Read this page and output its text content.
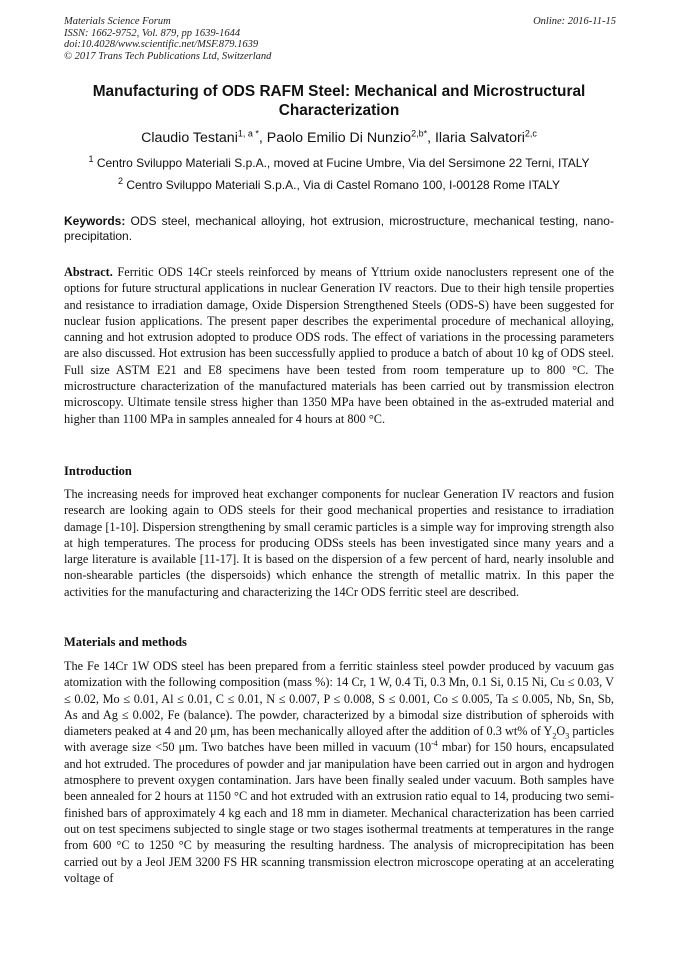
Materials Science Forum
ISSN: 1662-9752, Vol. 879, pp 1639-1644
doi:10.4028/www.scientific.net/MSF.879.1639
© 2017 Trans Tech Publications Ltd, Switzerland
Online: 2016-11-15
Manufacturing of ODS RAFM Steel: Mechanical and Microstructural Characterization
Claudio Testani$^{1, a *}$, Paolo Emilio Di Nunzio$^{2,b*}$, Ilaria Salvatori$^{2,c}$
$^1$ Centro Sviluppo Materiali S.p.A., moved at Fucine Umbre, Via del Sersimone 22 Terni, ITALY
$^2$ Centro Sviluppo Materiali S.p.A., Via di Castel Romano 100, I-00128 Rome ITALY

Keywords: ODS steel, mechanical alloying, hot extrusion, microstructure, mechanical testing, nano-precipitation.

Abstract. Ferritic ODS 14Cr steels reinforced by means of Yttrium oxide nanoclusters represent one of the options for future structural applications in nuclear Generation IV reactors. Due to their high tensile properties and resistance to irradiation damage, Oxide Dispersion Strengthened Steels (ODS-S) have been suggested for nuclear fusion applications. The present paper describes the experimental procedure of mechanical alloying, canning and hot extrusion adopted to produce ODS rods. The effect of variations in the processing parameters are also discussed. Hot extrusion has been successfully applied to produce a batch of about 10 kg of ODS steel. Full size ASTM E21 and E8 specimens have been tested from room temperature up to 800 °C. The microstructure characterization of the manufactured materials has been carried out by transmission electron microscopy. Ultimate tensile stress higher than 1350 MPa have been obtained in the as-extruded material and higher than 1100 MPa in samples annealed for 4 hours at 800 °C.

Introduction

The increasing needs for improved heat exchanger components for nuclear Generation IV reactors and fusion research are looking again to ODS steels for their good mechanical properties and resistance to irradiation damage [1-10]. Dispersion strengthening by small ceramic particles is a simple way for improving strength also at high temperatures. The process for producing ODSs steels has been investigated since many years and a large literature is available [11-17]. It is based on the dispersion of a few percent of hard, nearly insoluble and non-shearable particles (the dispersoids) which enhance the strength of metallic matrix. In this paper the activities for the manufacturing and characterizing the 14Cr ODS ferritic steel are described.

Materials and methods

The Fe 14Cr 1W ODS steel has been prepared from a ferritic stainless steel powder produced by vacuum gas atomization with the following composition (mass %): 14 Cr, 1 W, 0.4 Ti, 0.3 Mn, 0.1 Si, 0.15 Ni, Cu ≤ 0.03, V ≤ 0.02, Mo ≤ 0.01, Al ≤ 0.01, C ≤ 0.01, N ≤ 0.007, P ≤ 0.008, S ≤ 0.001, Co ≤ 0.005, Ta ≤ 0.005, Nb, Sn, Sb, As and Ag ≤ 0.002, Fe (balance). The powder, characterized by a bimodal size distribution of spheroids with diameters peaked at 4 and 20 μm, has been mechanically alloyed after the addition of 0.3 wt% of $Y_2O_3$ particles with average size <50 μm. Two batches have been milled in vacuum ($10^{-4}$ mbar) for 150 hours, encapsulated and hot extruded. The procedures of powder and jar manipulation have been carried out in argon and hydrogen atmosphere to prevent oxygen contamination. Jars have been finally sealed under vacuum. Both samples have been annealed for 2 hours at 1150 °C and hot extruded with an extrusion ratio equal to 14, producing two semi-finished bars of approximately 4 kg each and 18 mm in diameter. Mechanical characterization has been carried out on test specimens subjected to single stage or two stages isothermal treatments at temperatures in the range from 600 °C to 1250 °C by measuring the resulting hardness. The analysis of microprecipitation has been carried out by a Jeol JEM 3200 FS HR scanning transmission electron microscope operating at an accelerating voltage of
